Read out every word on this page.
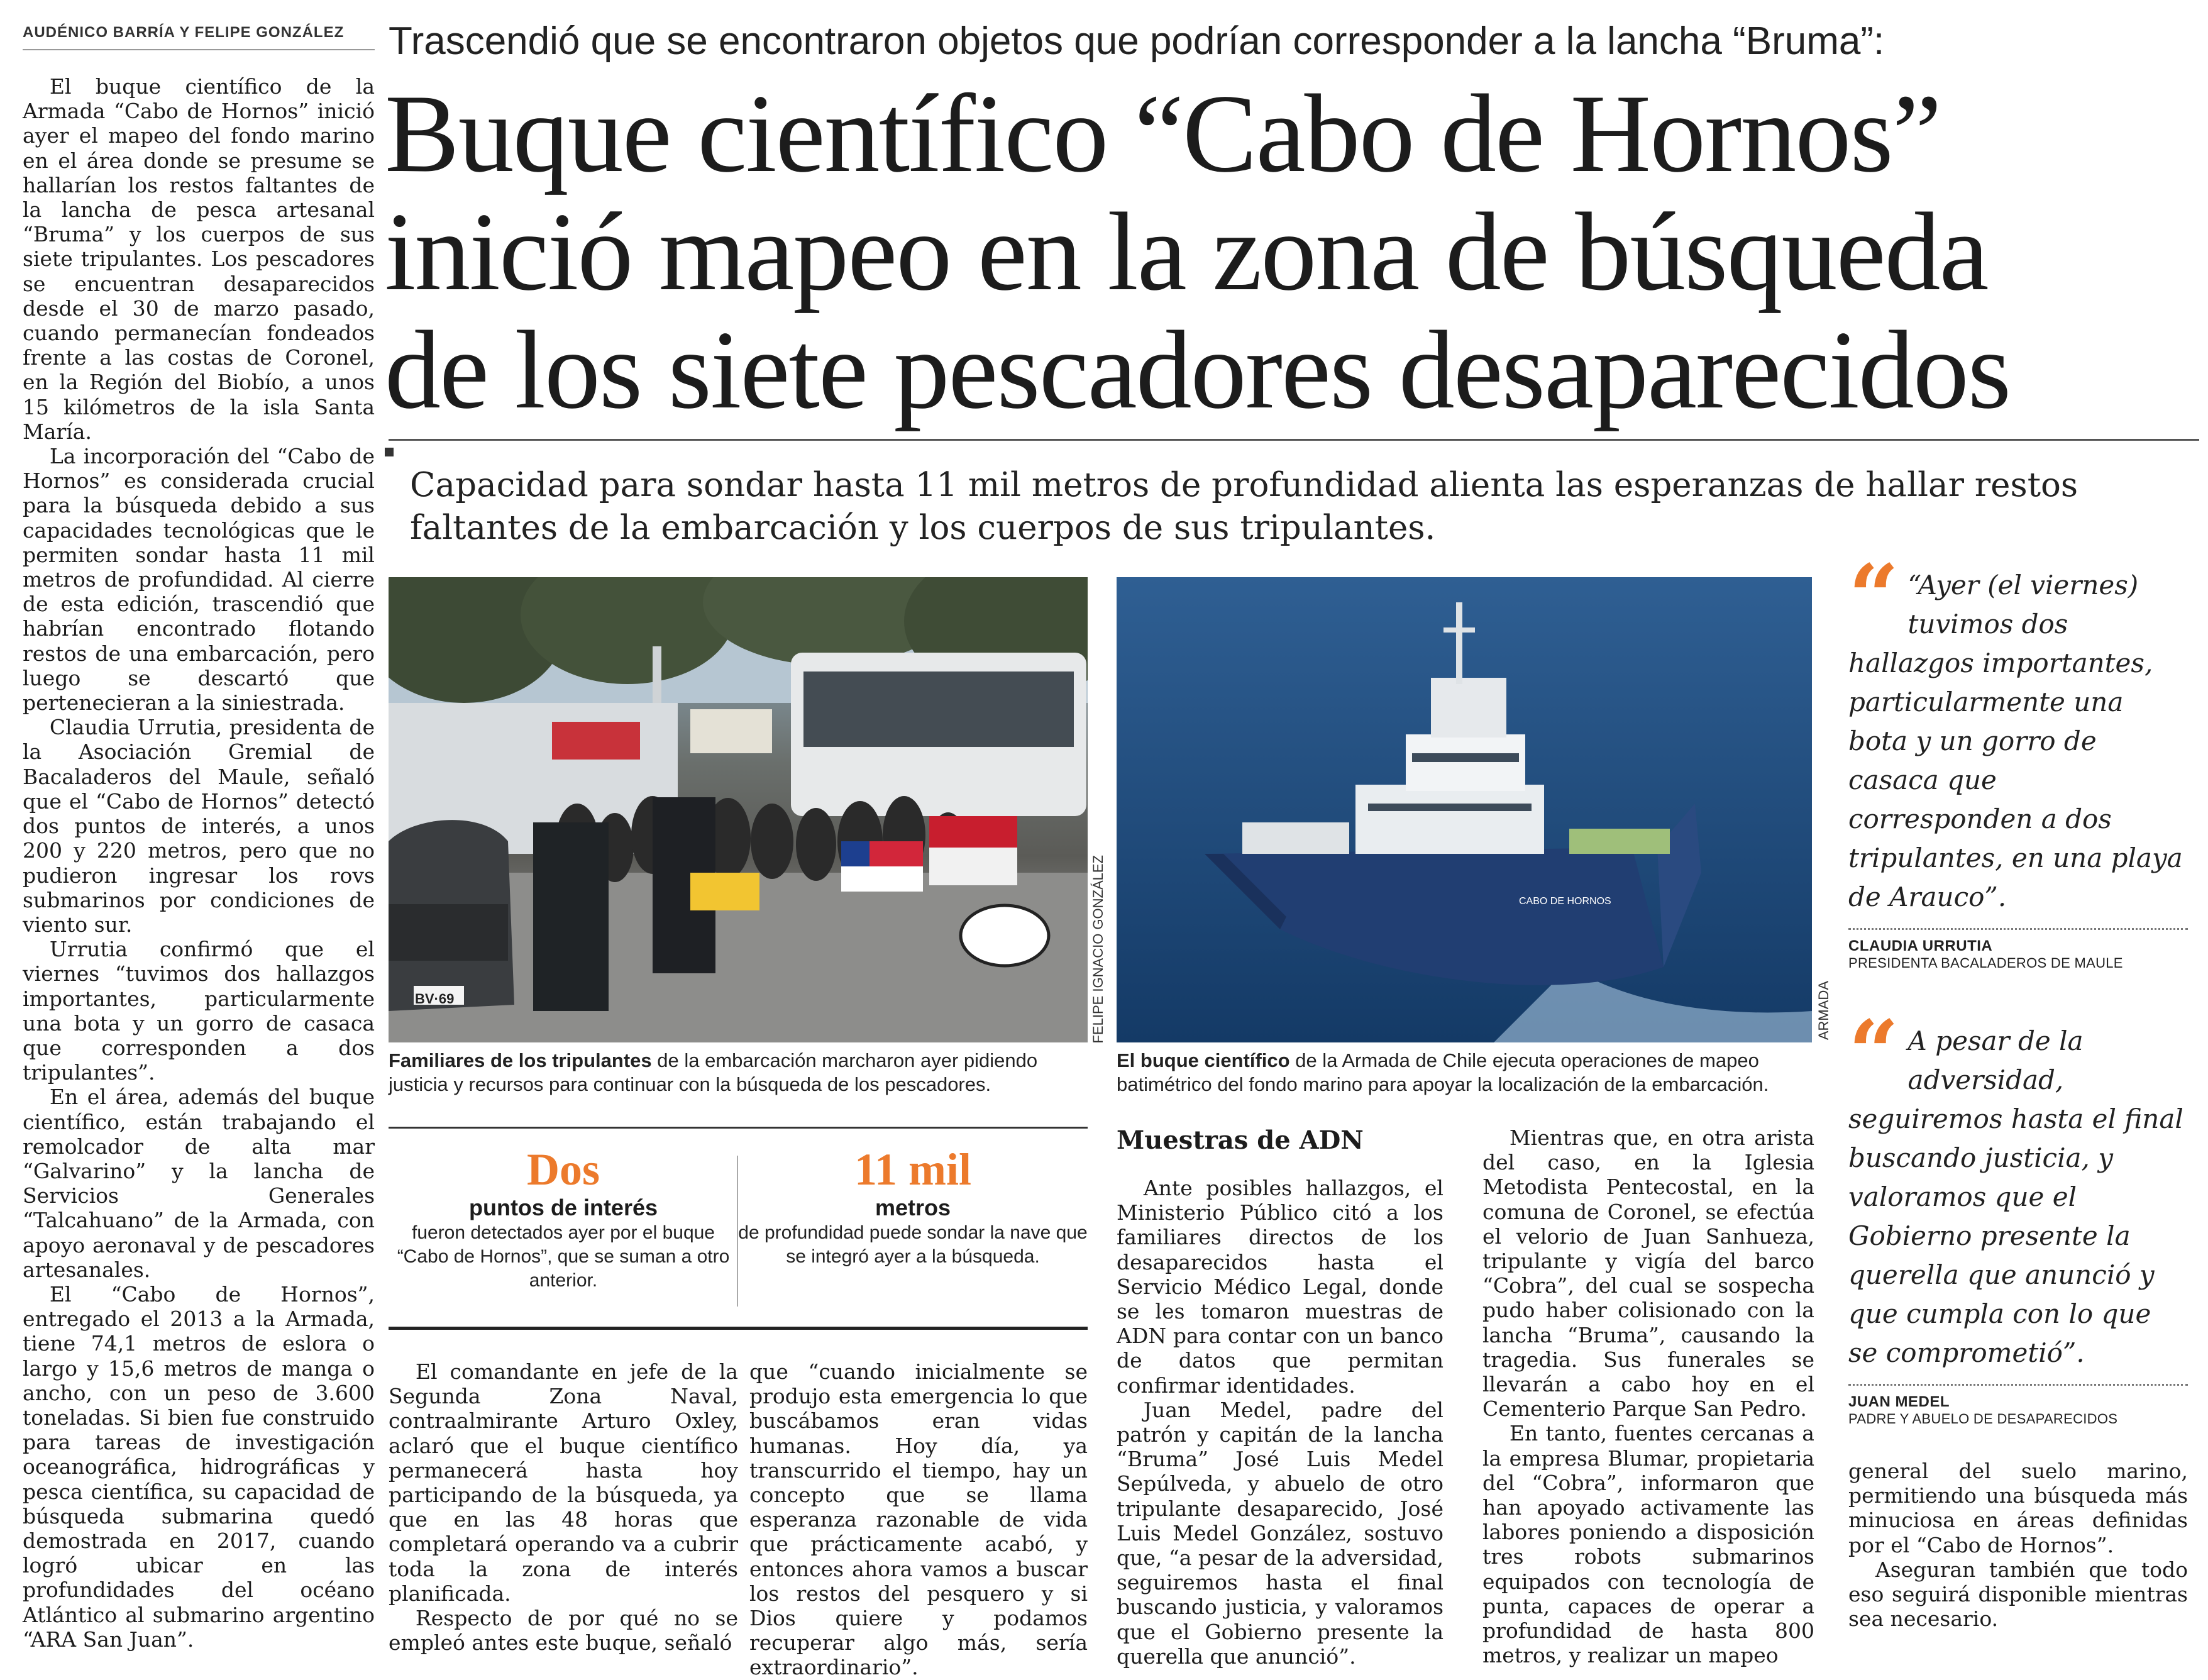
AUDÉNICO BARRÍA Y FELIPE GONZÁLEZ

El buque científico de la Armada “Cabo de Hornos” inició ayer el mapeo del fondo marino en el área donde se presume se hallarían los restos faltantes de la lancha de pesca artesanal “Bruma” y los cuerpos de sus siete tripulantes. Los pescadores se encuentran desaparecidos desde el 30 de marzo pasado, cuando permanecían fondeados frente a las costas de Coronel, en la Región del Biobío, a unos 15 kilómetros de la isla Santa María.

La incorporación del “Cabo de Hornos” es considerada crucial para la búsqueda debido a sus capacidades tecnológicas que le permiten sondar hasta 11 mil metros de profundidad. Al cierre de esta edición, trascendió que habrían encontrado flotando restos de una embarcación, pero luego se descartó que pertenecieran a la siniestrada.

Claudia Urrutia, presidenta de la Asociación Gremial de Bacaladeros del Maule, señaló que el “Cabo de Hornos” detectó dos puntos de interés, a unos 200 y 220 metros, pero que no pudieron ingresar los rovs submarinos por condiciones de viento sur.

Urrutia confirmó que el viernes “tuvimos dos hallazgos importantes, particularmente una bota y un gorro de casaca que corresponden a dos tripulantes”.

En el área, además del buque científico, están trabajando el remolcador de alta mar “Galvarino” y la lancha de Servicios Generales “Talcahuano” de la Armada, con apoyo aeronaval y de pescadores artesanales.

El “Cabo de Hornos”, entregado el 2013 a la Armada, tiene 74,1 metros de eslora o largo y 15,6 metros de manga o ancho, con un peso de 3.600 toneladas. Si bien fue construido para tareas de investigación oceanográfica, hidrográficas y pesca científica, su capacidad de búsqueda submarina quedó demostrada en 2017, cuando logró ubicar en las profundidades del océano Atlántico al submarino argentino “ARA San Juan”.

Trascendió que se encontraron objetos que podrían corresponder a la lancha “Bruma”:
Buque científico “Cabo de Hornos”
inició mapeo en la zona de búsqueda
de los siete pescadores desaparecidos
Capacidad para sondar hasta 11 mil metros de profundidad alienta las esperanzas de hallar restos faltantes de la embarcación y los cuerpos de sus tripulantes.
FELIPE IGNACIO GONZÁLEZ	CABO DE HORNOS
ARMADA
Familiares de los tripulantes de la embarcación marcharon ayer pidiendo justicia y recursos para continuar con la búsqueda de los pescadores.
El buque científico de la Armada de Chile ejecuta operaciones de mapeo batimétrico del fondo marino para apoyar la localización de la embarcación.
Dos
puntos de interés
fueron detectados ayer por el buque “Cabo de Hornos”, que se suman a otro anterior.
11 mil
metros
de profundidad puede sondar la nave que se integró ayer a la búsqueda.

El comandante en jefe de la Segunda Zona Naval, contraalmirante Arturo Oxley, aclaró que el buque científico permanecerá hasta hoy participando de la búsqueda, ya que en las 48 horas que completará operando va a cubrir toda la zona de interés planificada.

Respecto de por qué no se empleó antes este buque, señaló

que “cuando inicialmente se produjo esta emergencia lo que buscábamos eran vidas humanas. Hoy día, ya transcurrido el tiempo, hay un concepto que se llama esperanza razonable de vida que prácticamente acabó, y entonces ahora vamos a buscar los restos del pesquero y si Dios quiere y podamos recuperar algo más, sería extraordinario”.

Muestras de ADN

Ante posibles hallazgos, el Ministerio Público citó a los familiares directos de los desaparecidos hasta el Servicio Médico Legal, donde se les tomaron muestras de ADN para contar con un banco de datos que permitan confirmar identidades.

Juan Medel, padre del patrón y capitán de la lancha “Bruma” José Luis Medel Sepúlveda, y abuelo de otro tripulante desaparecido, José Luis Medel González, sostuvo que, “a pesar de la adversidad, seguiremos hasta el final buscando justicia, y valoramos que el Gobierno presente la querella que anunció”.

Mientras que, en otra arista del caso, en la Iglesia Metodista Pentecostal, en la comuna de Coronel, se efectúa el velorio de Juan Sanhueza, tripulante y vigía del barco “Cobra”, del cual se sospecha pudo haber colisionado con la lancha “Bruma”, causando la tragedia. Sus funerales se llevarán a cabo hoy en el Cementerio Parque San Pedro.

En tanto, fuentes cercanas a la empresa Blumar, propietaria del “Cobra”, informaron que han apoyado activamente las labores poniendo a disposición tres robots submarinos equipados con tecnología de punta, capaces de operar a profundidad de hasta 800 metros, y realizar un mapeo

“ “Ayer (el viernes) tuvimos dos hallazgos importantes, particularmente una bota y un gorro de casaca que corresponden a dos tripulantes, en una playa de Arauco”.
CLAUDIA URRUTIA
PRESIDENTA BACALADEROS DE MAULE
“ A pesar de la adversidad, seguiremos hasta el final buscando justicia, y valoramos que el Gobierno presente la querella que anunció y que cumpla con lo que se comprometió”.
JUAN MEDEL
PADRE Y ABUELO DE DESAPARECIDOS

general del suelo marino, permitiendo una búsqueda más minuciosa en áreas definidas por el “Cabo de Hornos”.

Aseguran también que todo eso seguirá disponible mientras sea necesario.

BV·69
